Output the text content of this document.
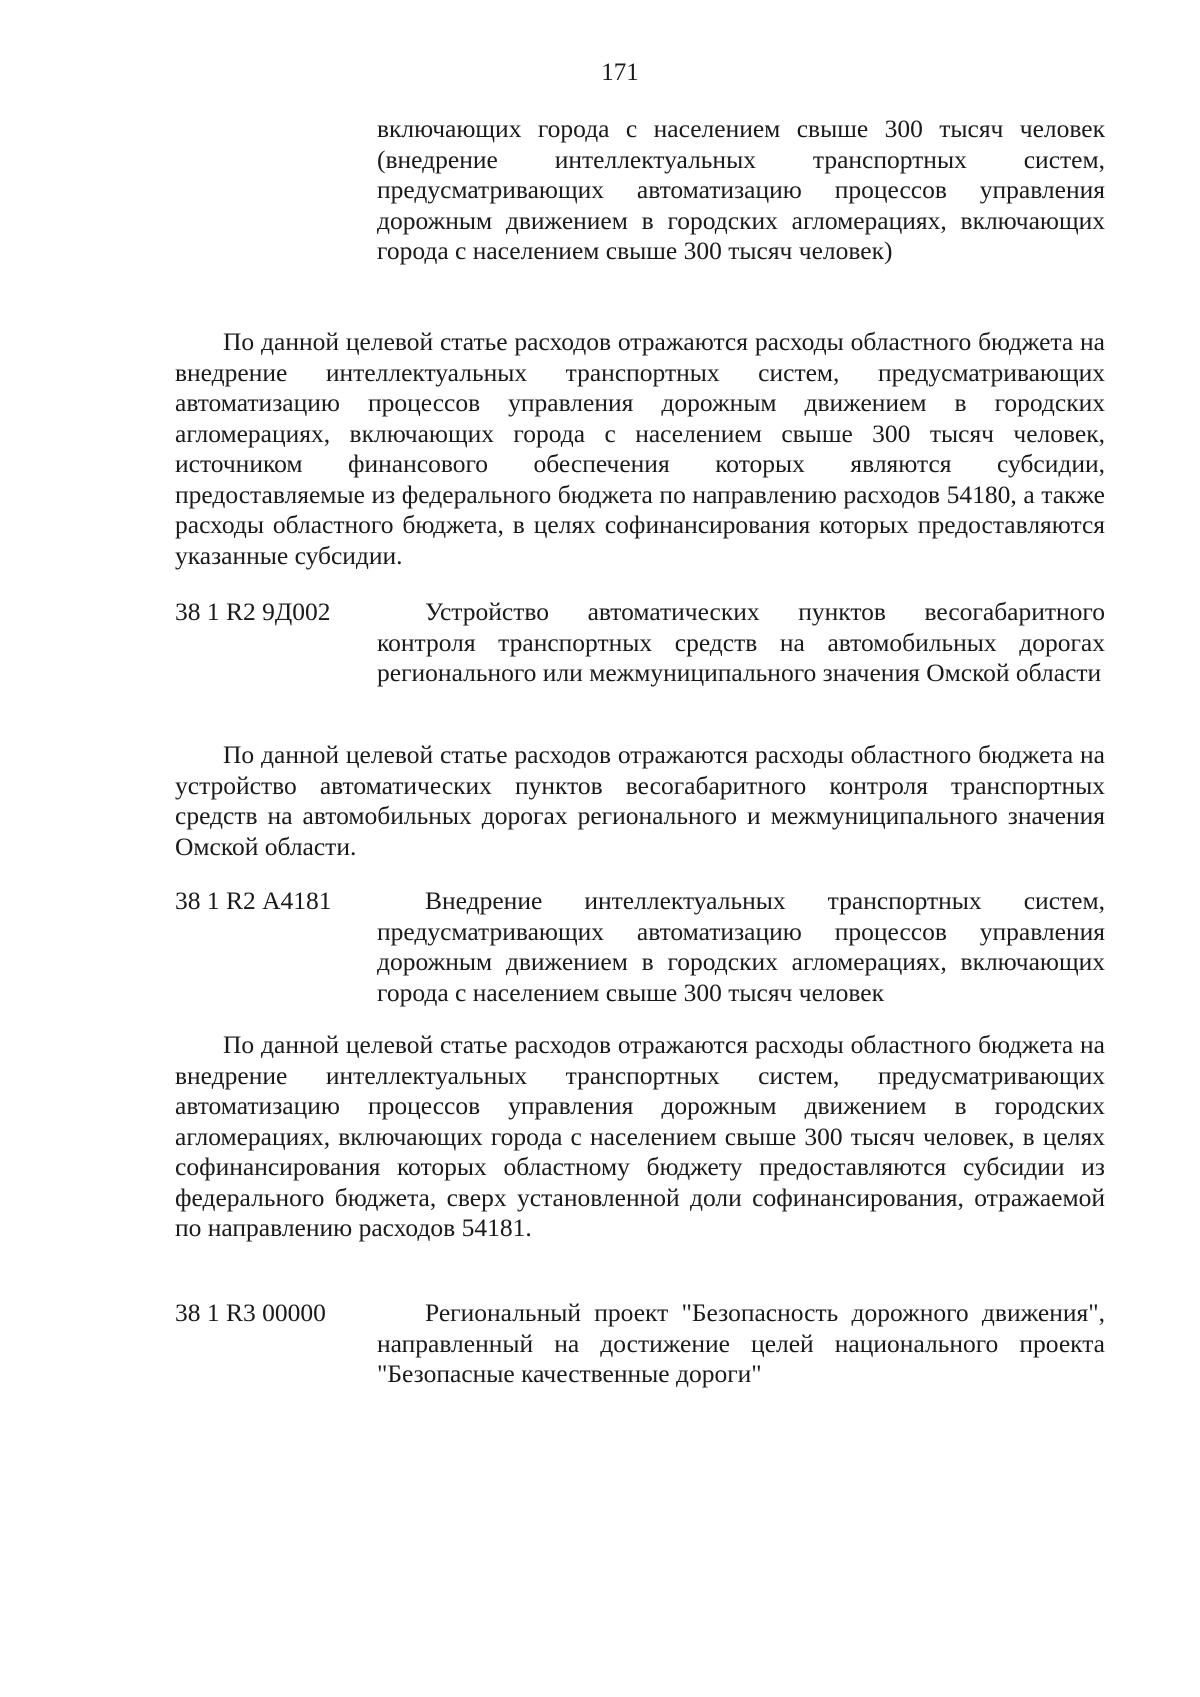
171

включающих города с населением свыше 300 тысяч человек (внедрение интеллектуальных транспортных систем, предусматривающих автоматизацию процессов управления дорожным движением в городских агломерациях, включающих города с населением свыше 300 тысяч человек)

По данной целевой статье расходов отражаются расходы областного бюджета на внедрение интеллектуальных транспортных систем, предусматривающих автоматизацию процессов управления дорожным движением в городских агломерациях, включающих города с населением свыше 300 тысяч человек, источником финансового обеспечения которых являются субсидии, предоставляемые из федерального бюджета по направлению расходов 54180, а также расходы областного бюджета, в целях софинансирования которых предоставляются указанные субсидии.

38 1 R2 9Д002	Устройство автоматических пунктов весогабаритного контроля транспортных средств на автомобильных дорогах регионального или межмуниципального значения Омской области

По данной целевой статье расходов отражаются расходы областного бюджета на устройство автоматических пунктов весогабаритного контроля транспортных средств на автомобильных дорогах регионального и межмуниципального значения Омской области.

38 1 R2 А4181	Внедрение интеллектуальных транспортных систем, предусматривающих автоматизацию процессов управления дорожным движением в городских агломерациях, включающих города с населением свыше 300 тысяч человек

По данной целевой статье расходов отражаются расходы областного бюджета на внедрение интеллектуальных транспортных систем, предусматривающих автоматизацию процессов управления дорожным движением в городских агломерациях, включающих города с населением свыше 300 тысяч человек, в целях софинансирования которых областному бюджету предоставляются субсидии из федерального бюджета, сверх установленной доли софинансирования, отражаемой по направлению расходов 54181.

38 1 R3 00000	Региональный проект "Безопасность дорожного движения", направленный на достижение целей национального проекта "Безопасные качественные дороги"
